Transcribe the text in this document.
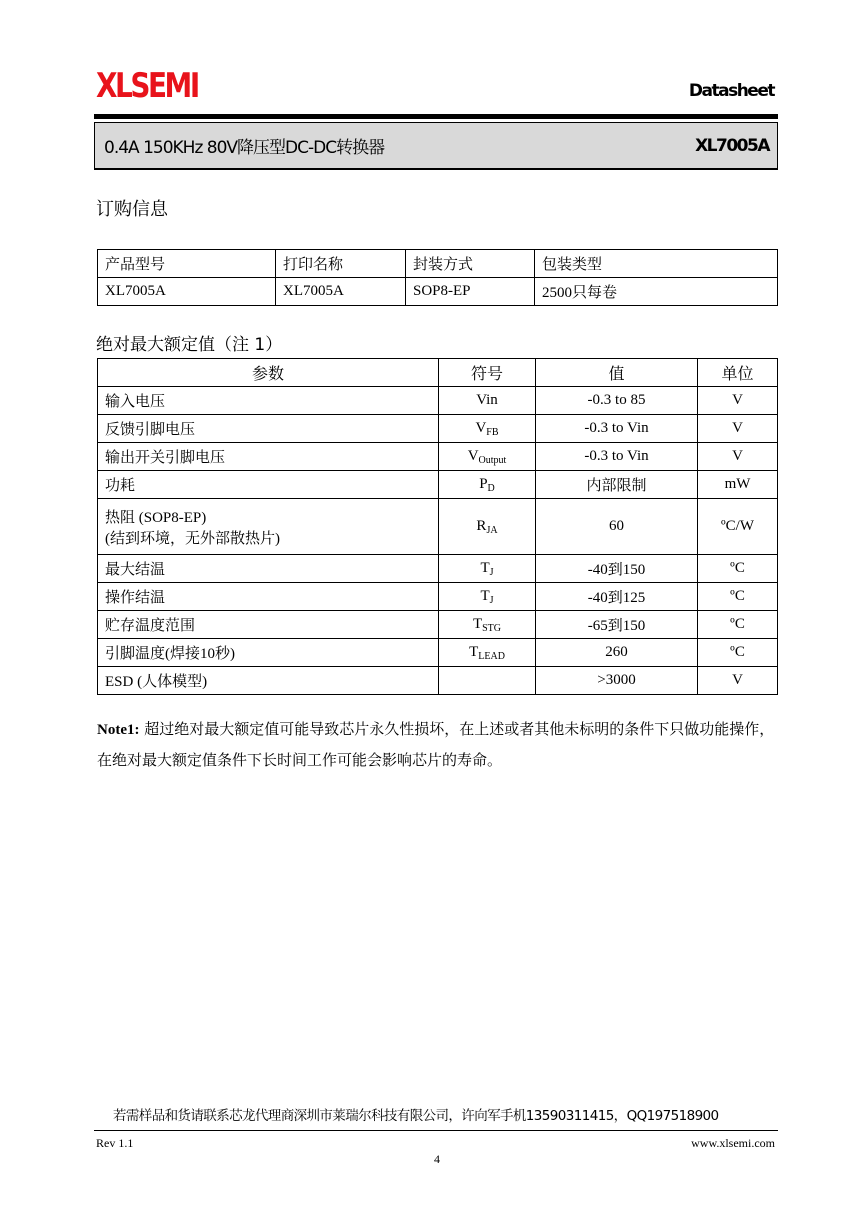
XLSEMI	Datasheet
0.4A 150KHz 80V降压型DC-DC转换器	XL7005A
订购信息
产品型号	打印名称	封装方式	包装类型
XL7005A	XL7005A	SOP8-EP	2500只每卷
绝对最大额定值（注 1）
参数	符号	值	单位
输入电压	Vin	-0.3 to 85	V
反馈引脚电压	$V_{FB}$	-0.3 to Vin	V
输出开关引脚电压	$V_{Output}$	-0.3 to Vin	V
功耗	$P_D$	内部限制	mW
热阻 (SOP8-EP)
(结到环境，无外部散热片)	$R_{JA}$	60	ºC/W
最大结温	$T_J$	-40到150	ºC
操作结温	$T_J$	-40到125	ºC
贮存温度范围	$T_{STG}$	-65到150	ºC
引脚温度(焊接10秒)	$T_{LEAD}$	260	ºC
ESD (人体模型)		>3000	V
Note1: 超过绝对最大额定值可能导致芯片永久性损坏，在上述或者其他未标明的条件下只做功能操作，在绝对最大额定值条件下长时间工作可能会影响芯片的寿命。
若需样品和货请联系芯龙代理商深圳市莱瑞尔科技有限公司，许向军手机13590311415，QQ197518900
Rev 1.1	www.xlsemi.com
4
